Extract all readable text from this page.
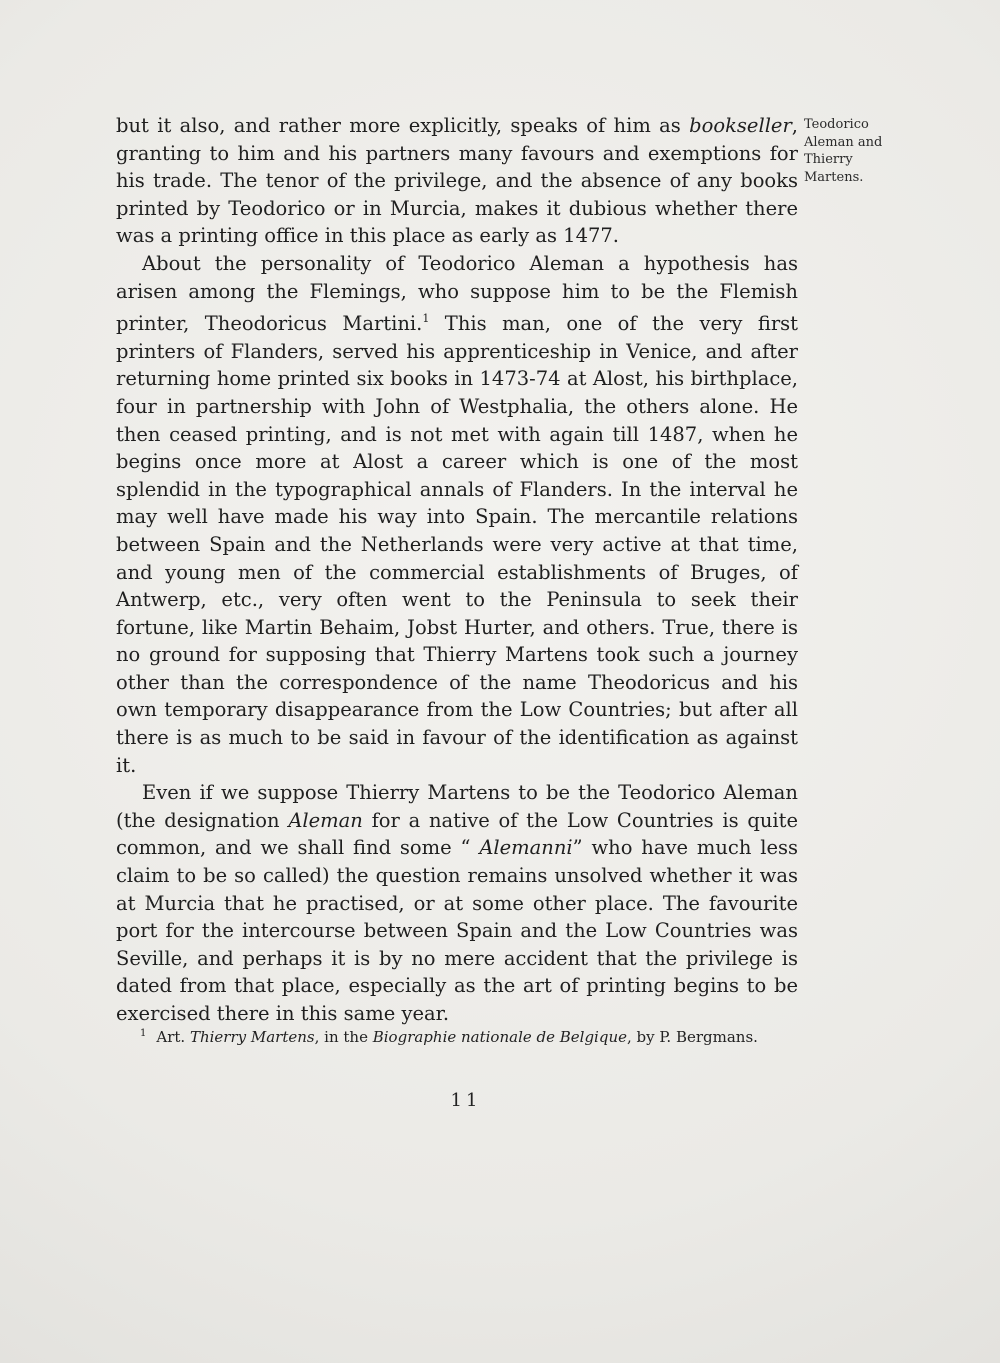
Teodorico
Aleman and
Thierry
Martens.

but it also, and rather more explicitly, speaks of him as bookseller, granting to him and his partners many favours and exemptions for his trade. The tenor of the privilege, and the absence of any books printed by Teodorico or in Murcia, makes it dubious whether there was a printing office in this place as early as 1477.

About the personality of Teodorico Aleman a hypothesis has arisen among the Flemings, who suppose him to be the Flemish printer, Theodoricus Martini.$^1$ This man, one of the very first printers of Flanders, served his apprenticeship in Venice, and after returning home printed six books in 1473-74 at Alost, his birthplace, four in partnership with John of Westphalia, the others alone. He then ceased printing, and is not met with again till 1487, when he begins once more at Alost a career which is one of the most splendid in the typographical annals of Flanders. In the interval he may well have made his way into Spain. The mercantile relations between Spain and the Netherlands were very active at that time, and young men of the commercial establishments of Bruges, of Antwerp, etc., very often went to the Peninsula to seek their fortune, like Martin Behaim, Jobst Hurter, and others. True, there is no ground for supposing that Thierry Martens took such a journey other than the correspondence of the name Theodoricus and his own temporary disappearance from the Low Countries; but after all there is as much to be said in favour of the identification as against it.

Even if we suppose Thierry Martens to be the Teodorico Aleman (the designation Aleman for a native of the Low Countries is quite common, and we shall find some “ Alemanni” who have much less claim to be so called) the question remains unsolved whether it was at Murcia that he practised, or at some other place. The favourite port for the intercourse between Spain and the Low Countries was Seville, and perhaps it is by no mere accident that the privilege is dated from that place, especially as the art of printing begins to be exercised there in this same year.

$^1$ Art. Thierry Martens, in the Biographie nationale de Belgique, by P. Bergmans.
11
